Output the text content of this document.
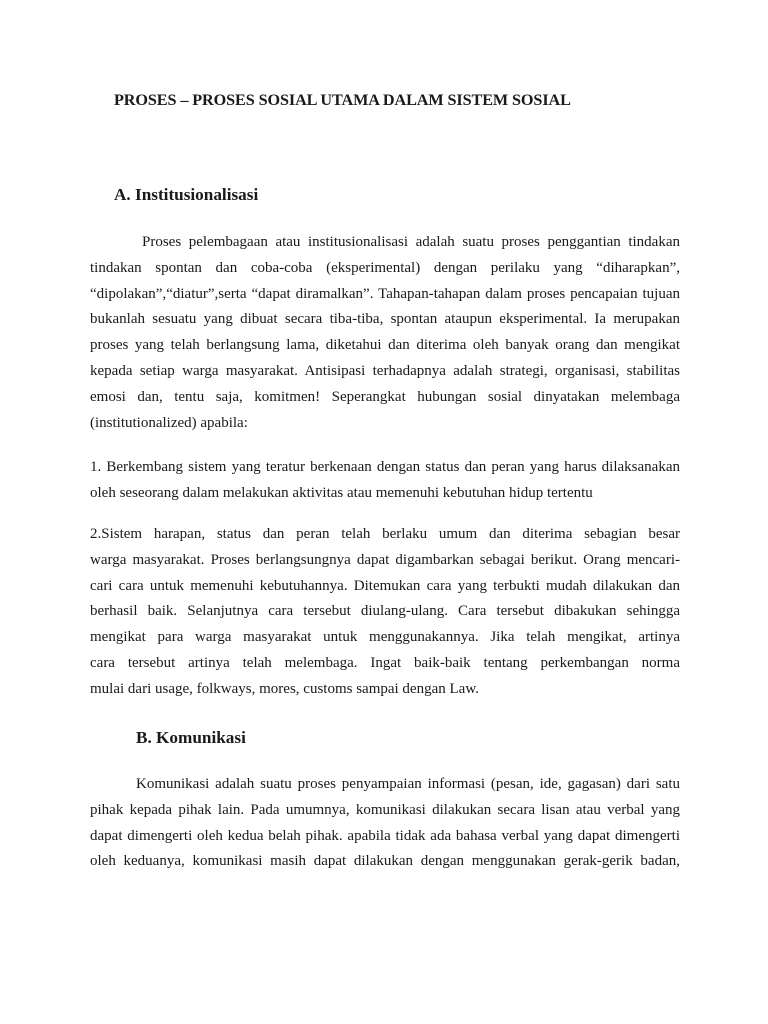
PROSES – PROSES SOSIAL UTAMA DALAM SISTEM SOSIAL
A. Institusionalisasi

Proses pelembagaan atau institusionalisasi adalah suatu proses penggantian tindakan
tindakan spontan dan coba-coba (eksperimental) dengan perilaku yang “diharapkan”,
“dipolakan”,“diatur”,serta “dapat diramalkan”. Tahapan-tahapan dalam proses pencapaian tujuan
bukanlah sesuatu yang dibuat secara tiba-tiba, spontan ataupun eksperimental. Ia merupakan
proses yang telah berlangsung lama, diketahui dan diterima oleh banyak orang dan mengikat
kepada setiap warga masyarakat. Antisipasi terhadapnya adalah strategi, organisasi, stabilitas
emosi dan, tentu saja, komitmen! Seperangkat hubungan sosial dinyatakan melembaga
(institutionalized) apabila:

1. Berkembang sistem yang teratur berkenaan dengan status dan peran yang harus dilaksanakan
oleh seseorang dalam melakukan aktivitas atau memenuhi kebutuhan hidup tertentu

2.Sistem harapan, status dan peran telah berlaku umum dan diterima sebagian besar
warga masyarakat. Proses berlangsungnya dapat digambarkan sebagai berikut. Orang mencari-
cari cara untuk memenuhi kebutuhannya. Ditemukan cara yang terbukti mudah dilakukan dan
berhasil baik. Selanjutnya cara tersebut diulang-ulang. Cara tersebut dibakukan sehingga
mengikat para warga masyarakat untuk menggunakannya. Jika telah mengikat, artinya
cara tersebut artinya telah melembaga. Ingat baik-baik tentang perkembangan norma
mulai dari usage, folkways, mores, customs sampai dengan Law.

B. Komunikasi

Komunikasi adalah suatu proses penyampaian informasi (pesan, ide, gagasan) dari satu
pihak kepada pihak lain. Pada umumnya, komunikasi dilakukan secara lisan atau verbal yang
dapat dimengerti oleh kedua belah pihak. apabila tidak ada bahasa verbal yang dapat dimengerti
oleh keduanya, komunikasi masih dapat dilakukan dengan menggunakan gerak-gerik badan,
